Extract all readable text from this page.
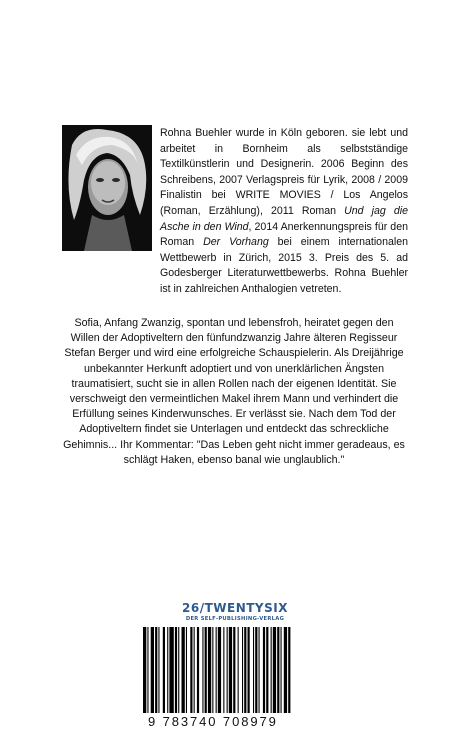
Rohna Buehler wurde in Köln geboren. sie lebt und arbeitet in Bornheim als selbstständige Textilkünstlerin und Designerin. 2006 Beginn des Schreibens, 2007 Verlagspreis für Lyrik, 2008 / 2009 Finalistin bei WRITE MOVIES / Los Angelos (Roman, Erzählung), 2011 Roman Und jag die Asche in den Wind, 2014 Anerkennungspreis für den Roman Der Vorhang bei einem internationalen Wettbewerb in Zürich, 2015 3. Preis des 5. ad Godesberger Literaturwettbewerbs. Rohna Buehler ist in zahlreichen Anthalogien vetreten.
Sofia, Anfang Zwanzig, spontan und lebensfroh, heiratet gegen den Willen der Adoptiveltern den fünfundzwanzig Jahre älteren Regisseur Stefan Berger und wird eine erfolgreiche Schauspielerin. Als Dreijährige unbekannter Herkunft adoptiert und von unerklärlichen Ängsten traumatisiert, sucht sie in allen Rollen nach der eigenen Identität. Sie verschweigt den vermeintlichen Makel ihrem Mann und verhindert die Erfüllung seines Kinderwunsches. Er verlässt sie. Nach dem Tod der Adoptiveltern findet sie Unterlagen und entdeckt das schreckliche Gehimnis... Ihr Kommentar: "Das Leben geht nicht immer geradeaus, es schlägt Haken, ebenso banal wie unglaublich."
26/TWENTYSIX
DER SELF-PUBLISHING-VERLAG
9 783740 708979
